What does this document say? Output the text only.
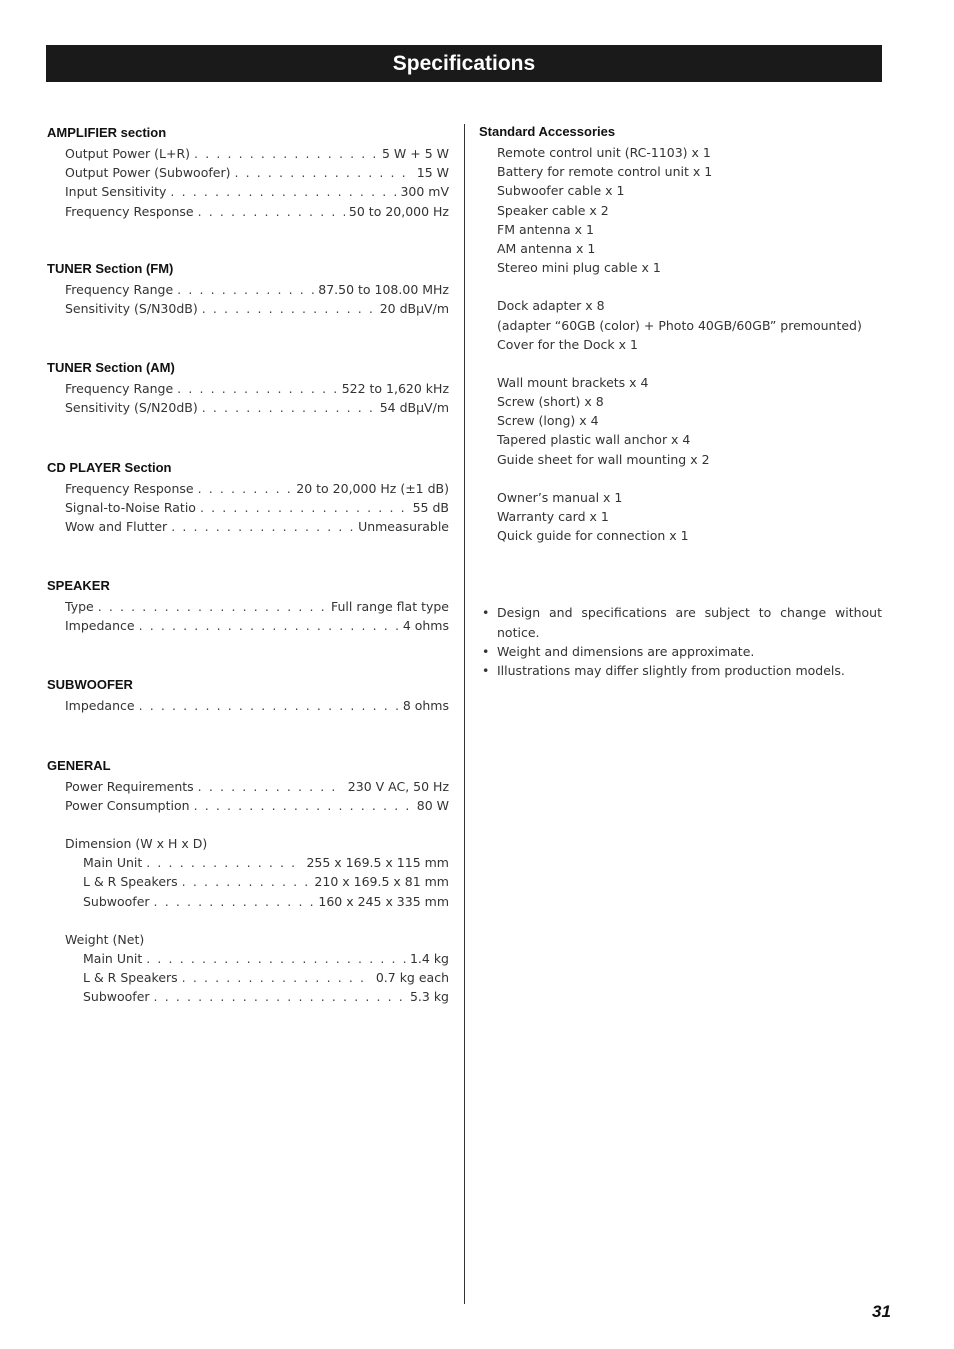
Specifications
AMPLIFIER section
Output Power (L+R) . . .	5 W + 5 W
Output Power (Subwoofer) . . .	15 W
Input Sensitivity . . .	300 mV
Frequency Response . . .	50 to 20,000 Hz
TUNER Section (FM)
Frequency Range . . .	87.50 to 108.00 MHz
Sensitivity (S/N30dB) . . .	20 dBµV/m
TUNER Section (AM)
Frequency Range . . .	522 to 1,620 kHz
Sensitivity (S/N20dB) . . .	54 dBµV/m
CD PLAYER Section
Frequency Response . . .	20 to 20,000 Hz (±1 dB)
Signal-to-Noise Ratio . . .	55 dB
Wow and Flutter . . .	Unmeasurable
SPEAKER
Type . . .	Full range flat type
Impedance . . .	4 ohms
SUBWOOFER
Impedance . . .	8 ohms
GENERAL
Power Requirements . . .	230 V AC, 50 Hz
Power Consumption . . .	80 W
Dimension (W x H x D)
Main Unit . . .	255 x 169.5 x 115 mm
L & R Speakers . . .	210 x 169.5 x 81 mm
Subwoofer . . .	160 x 245 x 335 mm
Weight (Net)
Main Unit . . .	1.4 kg
L & R Speakers . . .	0.7 kg each
Subwoofer . . .	5.3 kg
Standard Accessories
Remote control unit (RC-1103) x 1
Battery for remote control unit x 1
Subwoofer cable x 1
Speaker cable x 2
FM antenna x 1
AM antenna x 1
Stereo mini plug cable x 1
Dock adapter x 8
(adapter “60GB (color) + Photo 40GB/60GB” premounted)
Cover for the Dock x 1
Wall mount brackets x 4
Screw (short) x 8
Screw (long) x 4
Tapered plastic wall anchor x 4
Guide sheet for wall mounting x 2
Owner’s manual x 1
Warranty card x 1
Quick guide for connection x 1
• Design and specifications are subject to change without notice.
• Weight and dimensions are approximate.
• Illustrations may differ slightly from production models.
31
